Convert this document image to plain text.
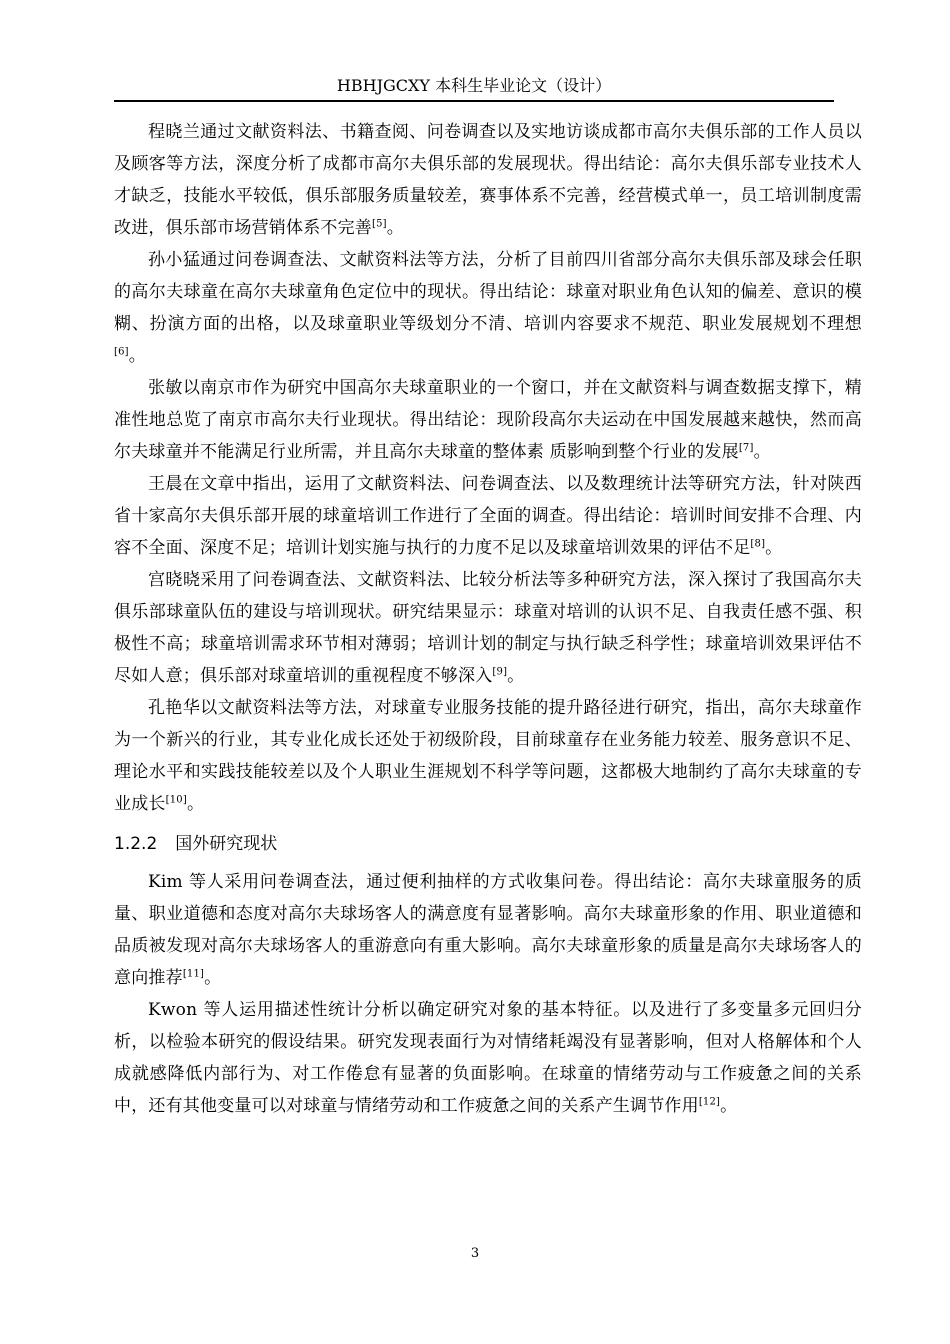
HBHJGCXY 本科生毕业论文（设计）

程晓兰通过文献资料法、书籍查阅、问卷调查以及实地访谈成都市高尔夫俱乐部的工作人员以及顾客等方法，深度分析了成都市高尔夫俱乐部的发展现状。得出结论：高尔夫俱乐部专业技术人才缺乏，技能水平较低，俱乐部服务质量较差，赛事体系不完善，经营模式单一，员工培训制度需改进，俱乐部市场营销体系不完善[5]。

孙小猛通过问卷调查法、文献资料法等方法，分析了目前四川省部分高尔夫俱乐部及球会任职的高尔夫球童在高尔夫球童角色定位中的现状。得出结论：球童对职业角色认知的偏差、意识的模糊、扮演方面的出格，以及球童职业等级划分不清、培训内容要求不规范、职业发展规划不理想[6]。

张敏以南京市作为研究中国高尔夫球童职业的一个窗口，并在文献资料与调查数据支撑下，精准性地总览了南京市高尔夫行业现状。得出结论：现阶段高尔夫运动在中国发展越来越快，然而高尔夫球童并不能满足行业所需，并且高尔夫球童的整体素 质影响到整个行业的发展[7]。

王晨在文章中指出，运用了文献资料法、问卷调查法、以及数理统计法等研究方法，针对陕西省十家高尔夫俱乐部开展的球童培训工作进行了全面的调查。得出结论：培训时间安排不合理、内容不全面、深度不足；培训计划实施与执行的力度不足以及球童培训效果的评估不足[8]。

宫晓晓采用了问卷调查法、文献资料法、比较分析法等多种研究方法，深入探讨了我国高尔夫俱乐部球童队伍的建设与培训现状。研究结果显示：球童对培训的认识不足、自我责任感不强、积极性不高；球童培训需求环节相对薄弱；培训计划的制定与执行缺乏科学性；球童培训效果评估不尽如人意；俱乐部对球童培训的重视程度不够深入[9]。

孔艳华以文献资料法等方法，对球童专业服务技能的提升路径进行研究，指出，高尔夫球童作为一个新兴的行业，其专业化成长还处于初级阶段，目前球童存在业务能力较差、服务意识不足、理论水平和实践技能较差以及个人职业生涯规划不科学等问题，这都极大地制约了高尔夫球童的专业成长[10]。

1.2.2 国外研究现状

Kim 等人采用问卷调查法，通过便利抽样的方式收集问卷。得出结论：高尔夫球童服务的质量、职业道德和态度对高尔夫球场客人的满意度有显著影响。高尔夫球童形象的作用、职业道德和品质被发现对高尔夫球场客人的重游意向有重大影响。高尔夫球童形象的质量是高尔夫球场客人的意向推荐[11]。

Kwon 等人运用描述性统计分析以确定研究对象的基本特征。以及进行了多变量多元回归分析，以检验本研究的假设结果。研究发现表面行为对情绪耗竭没有显著影响，但对人格解体和个人成就感降低内部行为、对工作倦怠有显著的负面影响。在球童的情绪劳动与工作疲惫之间的关系中，还有其他变量可以对球童与情绪劳动和工作疲惫之间的关系产生调节作用[12]。

3
